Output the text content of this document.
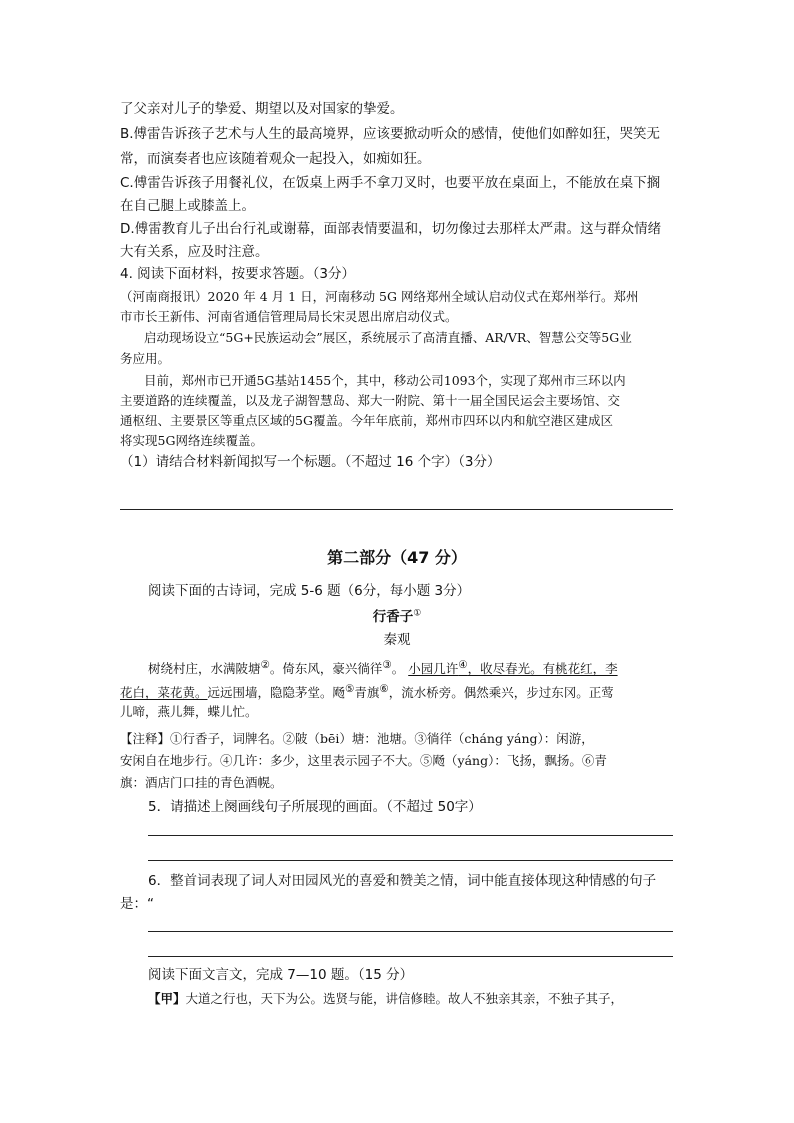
了父亲对儿子的挚爱、期望以及对国家的挚爱。
B.傅雷告诉孩子艺术与人生的最高境界，应该要掀动听众的感情，使他们如醉如狂，哭笑无
常，而演奏者也应该随着观众一起投入，如痴如狂。
C.傅雷告诉孩子用餐礼仪，在饭桌上两手不拿刀叉时，也要平放在桌面上，不能放在桌下搁
在自己腿上或膝盖上。
D.傅雷教育儿子出台行礼或谢幕，面部表情要温和，切勿像过去那样太严肃。这与群众情绪
大有关系，应及时注意。
4. 阅读下面材料，按要求答题。（3分）
（河南商报讯）2020 年 4 月 1 日，河南移动 5G 网络郑州全域认启动仪式在郑州举行。郑州
市市长王新伟、河南省通信管理局局长宋灵恩出席启动仪式。
启动现场设立“5G+民族运动会”展区，系统展示了高清直播、AR/VR、智慧公交等5G业
务应用。
目前，郑州市已开通5G基站1455个，其中，移动公司1093个，实现了郑州市三环以内
主要道路的连续覆盖，以及龙子湖智慧岛、郑大一附院、第十一届全国民运会主要场馆、交
通枢纽、主要景区等重点区域的5G覆盖。今年年底前，郑州市四环以内和航空港区建成区
将实现5G网络连续覆盖。
（1）请结合材料新闻拟写一个标题。（不超过 16 个字）（3分）
第二部分（47 分）
阅读下面的古诗词，完成 5-6 题（6分，每小题 3分）
行香子①
秦观
树绕村庄，水满陂塘②。倚东风，豪兴徜徉③。 小园几许④，收尽春光。有桃花红，李
花白，菜花黄。远远围墙，隐隐茅堂。飏⑤青旗⑥，流水桥旁。偶然乘兴，步过东冈。正莺
儿啼，燕儿舞，蝶儿忙。
【注释】①行香子，词牌名。②陂（bēi）塘：池塘。③徜徉（cháng yáng）：闲游，
安闲自在地步行。④几许：多少，这里表示园子不大。⑤飏（yáng）：飞扬，飘扬。⑥青
旗：酒店门口挂的青色酒幌。
5．请描述上阕画线句子所展现的画面。（不超过 50字）
6．整首词表现了词人对田园风光的喜爱和赞美之情，词中能直接体现这种情感的句子
是：“
阅读下面文言文，完成 7—10 题。（15 分）
【甲】大道之行也，天下为公。选贤与能，讲信修睦。故人不独亲其亲，不独子其子，
